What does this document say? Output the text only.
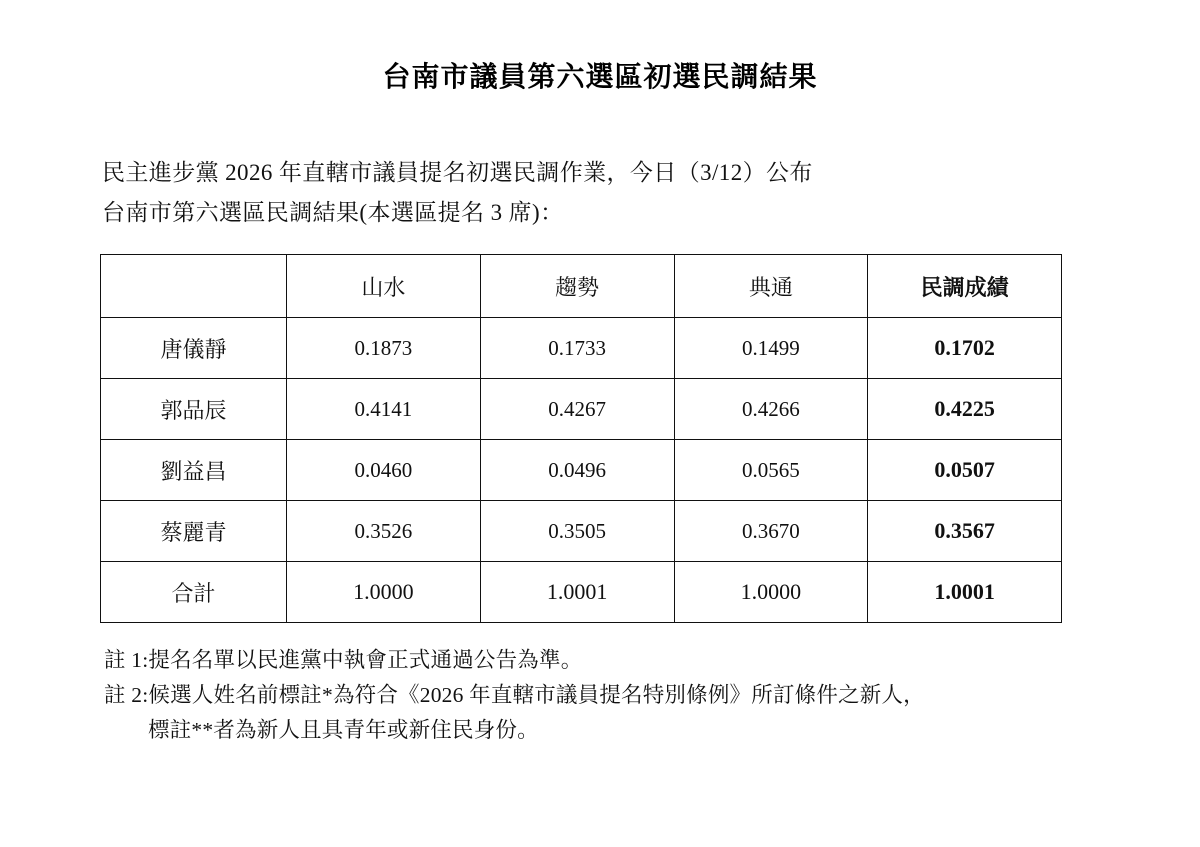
台南市議員第六選區初選民調結果
民主進步黨 2026 年直轄市議員提名初選民調作業，今日（3/12）公布
台南市第六選區民調結果(本選區提名 3 席)：
	山水	趨勢	典通	民調成績
唐儀靜	0.1873	0.1733	0.1499	0.1702
郭品辰	0.4141	0.4267	0.4266	0.4225
劉益昌	0.0460	0.0496	0.0565	0.0507
蔡麗青	0.3526	0.3505	0.3670	0.3567
合計	1.0000	1.0001	1.0000	1.0001
註 1:提名名單以民進黨中執會正式通過公告為準。
註 2:候選人姓名前標註*為符合《2026 年直轄市議員提名特別條例》所訂條件之新人，
標註**者為新人且具青年或新住民身份。
